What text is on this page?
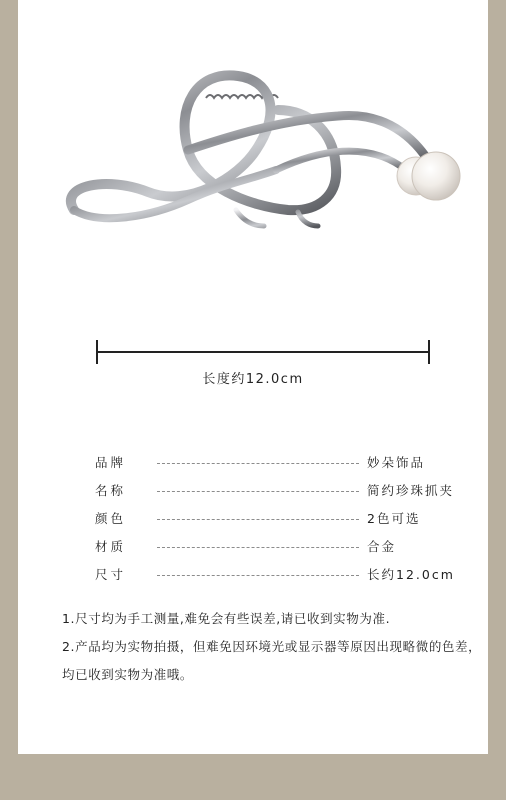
长度约12.0cm
品牌	妙朵饰品
名称	简约珍珠抓夹
颜色	2色可选
材质	合金
尺寸	长约12.0cm

1.尺寸均为手工测量,难免会有些误差,请已收到实物为准.

2.产品均为实物拍摄，但难免因环境光或显示器等原因出现略微的色差，均已收到实物为准哦。
